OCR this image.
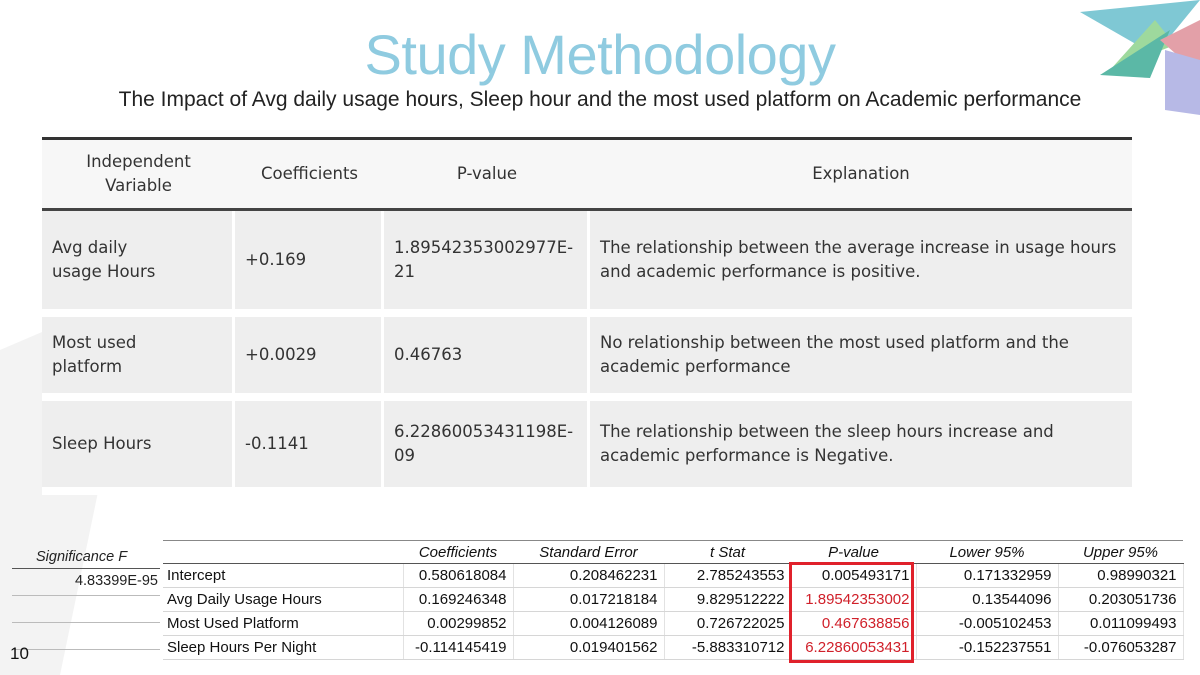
Study Methodology
The Impact of Avg daily usage hours, Sleep hour and the most used platform on Academic performance
Independent Variable	Coefficients	P-value	Explanation
Avg daily usage Hours	+0.169	1.89542353002977E-21	The relationship between the average increase in usage hours and academic performance is positive.
Most used platform	+0.0029	0.46763	No relationship between the most used platform and the academic performance
Sleep Hours	-0.1141	6.22860053431198E-09	The relationship between the sleep hours increase and academic performance is Negative.
Significance F
4.83399E-95
	Coefficients	Standard Error	t Stat	P-value	Lower 95%	Upper 95%
Intercept	0.580618084	0.208462231	2.785243553	0.005493171	0.171332959	0.98990321
Avg Daily Usage Hours	0.169246348	0.017218184	9.829512222	1.89542353002	0.13544096	0.203051736
Most Used Platform	0.00299852	0.004126089	0.726722025	0.467638856	-0.005102453	0.011099493
Sleep Hours Per Night	-0.114145419	0.019401562	-5.883310712	6.22860053431	-0.152237551	-0.076053287
10
